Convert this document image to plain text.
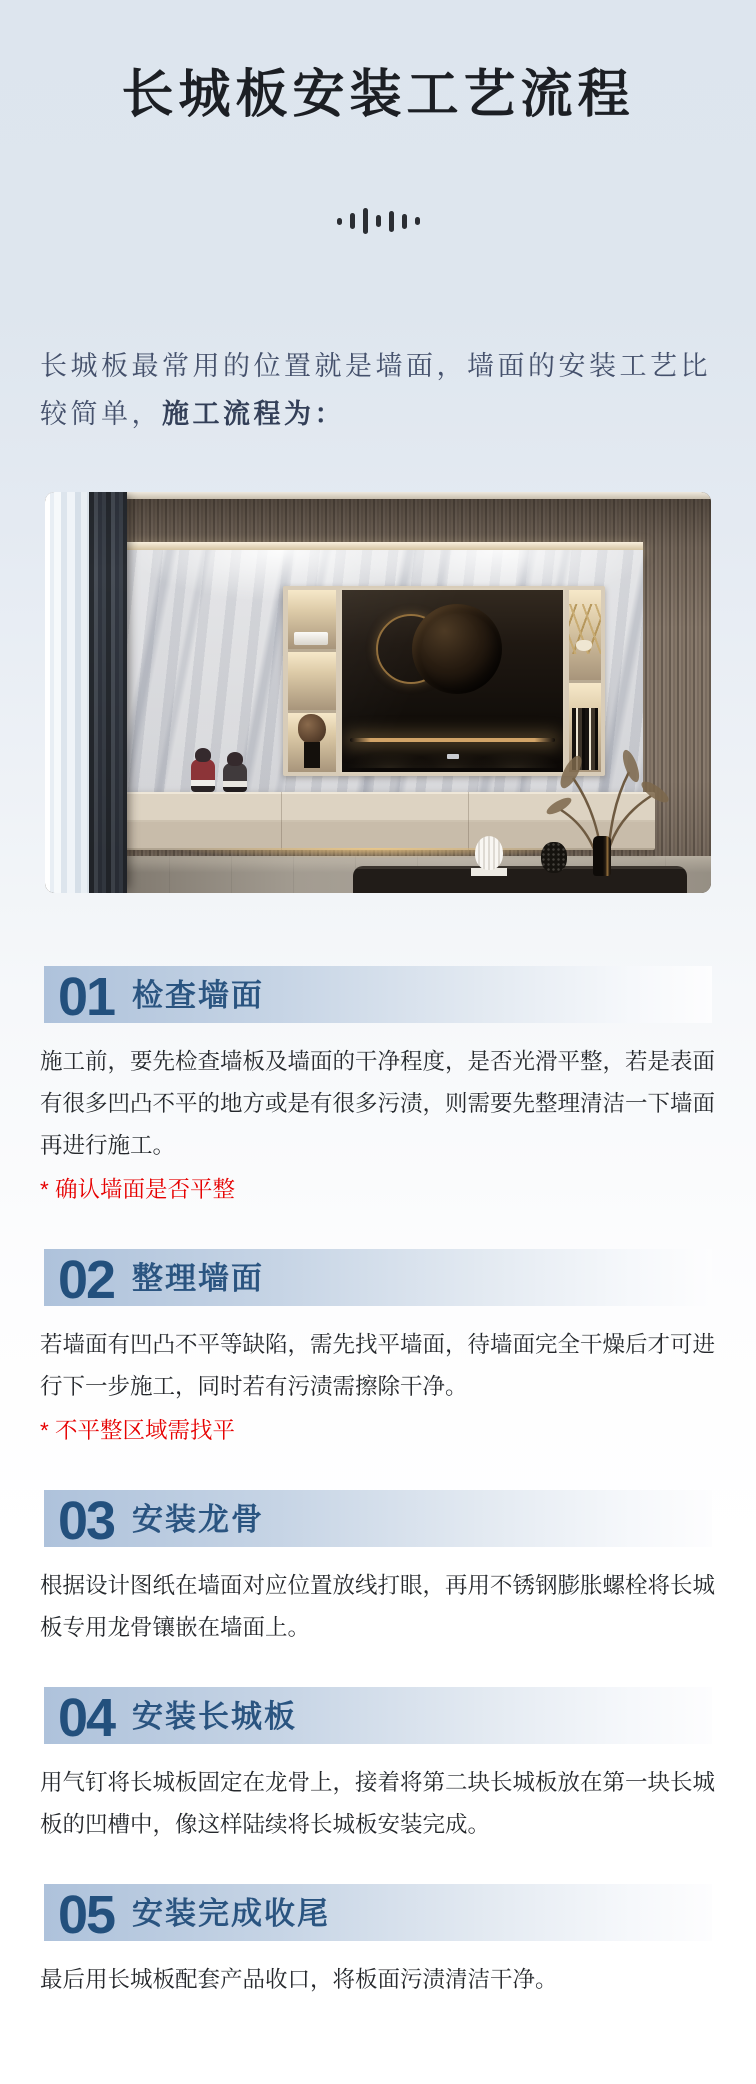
长城板安装工艺流程

长城板最常用的位置就是墙面，墙面的安装工艺比较简单，施工流程为：

01 检查墙面

施工前，要先检查墙板及墙面的干净程度，是否光滑平整，若是表面有很多凹凸不平的地方或是有很多污渍，则需要先整理清洁一下墙面再进行施工。

* 确认墙面是否平整

02 整理墙面

若墙面有凹凸不平等缺陷，需先找平墙面，待墙面完全干燥后才可进行下一步施工，同时若有污渍需擦除干净。

* 不平整区域需找平

03 安装龙骨

根据设计图纸在墙面对应位置放线打眼，再用不锈钢膨胀螺栓将长城板专用龙骨镶嵌在墙面上。

04 安装长城板

用气钉将长城板固定在龙骨上，接着将第二块长城板放在第一块长城板的凹槽中，像这样陆续将长城板安装完成。

05 安装完成收尾

最后用长城板配套产品收口，将板面污渍清洁干净。
